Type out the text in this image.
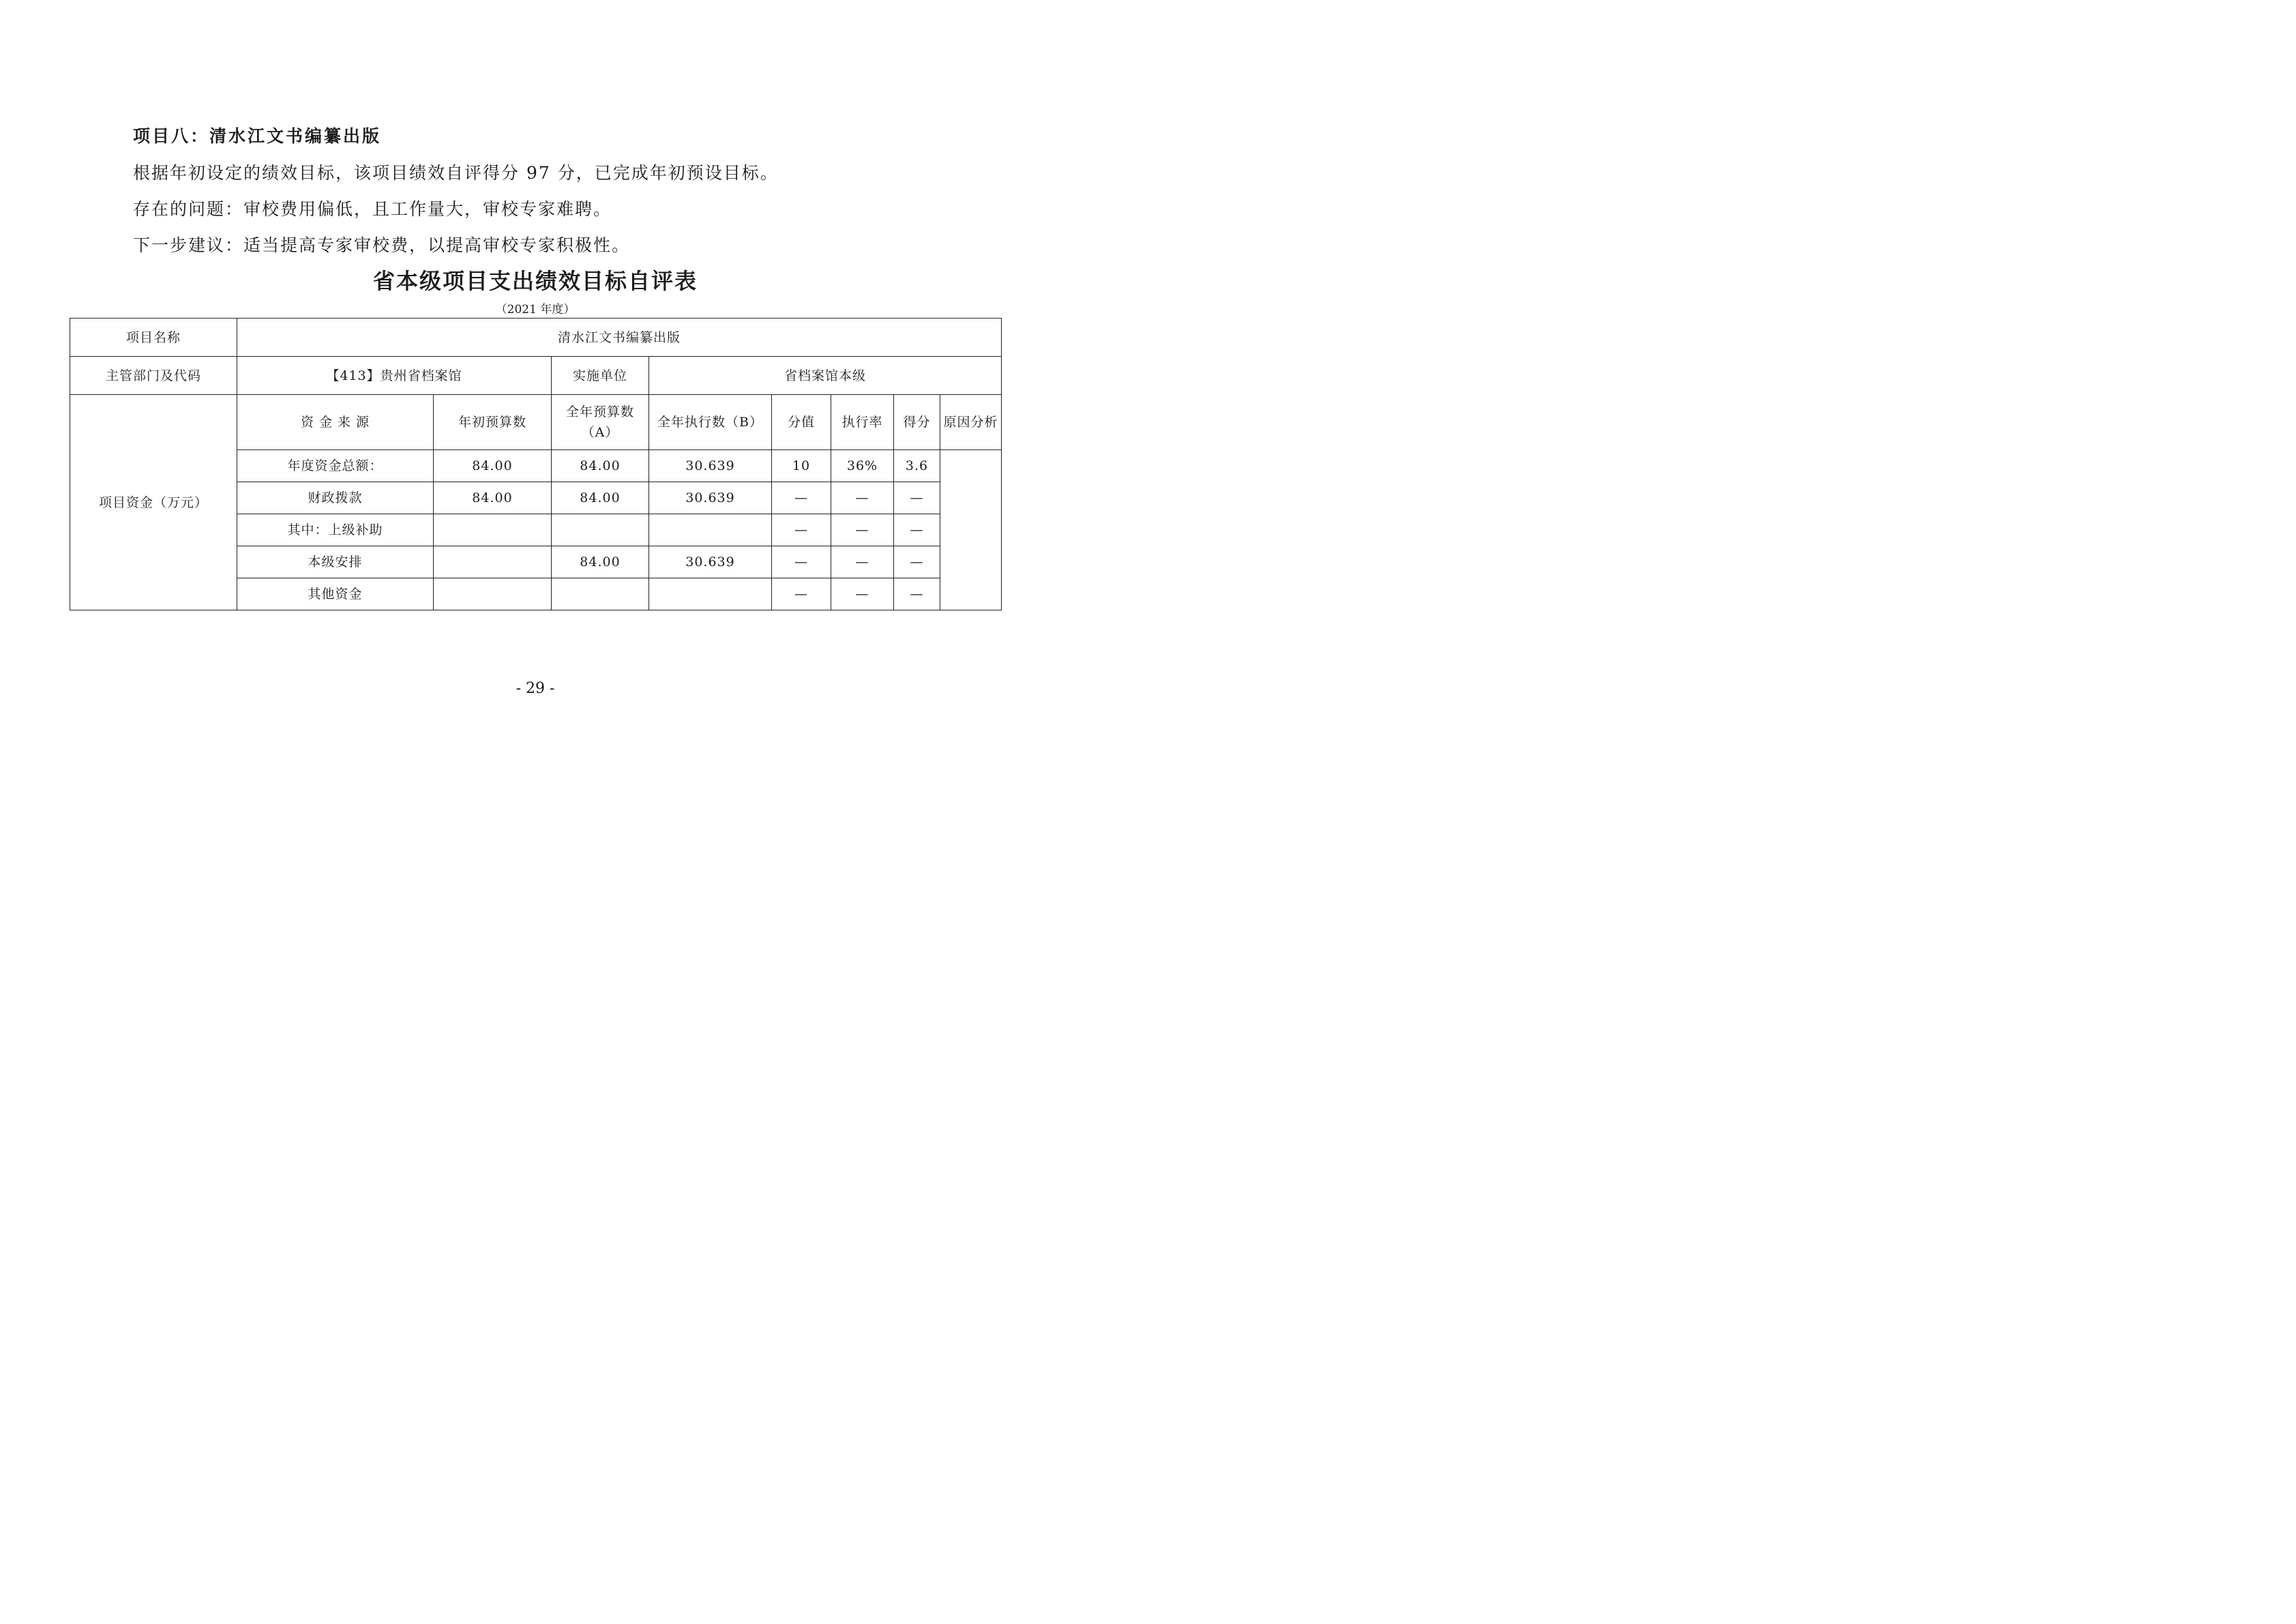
项目八：清水江文书编纂出版

根据年初设定的绩效目标，该项目绩效自评得分 97 分，已完成年初预设目标。

存在的问题：审校费用偏低，且工作量大，审校专家难聘。

下一步建议：适当提高专家审校费，以提高审校专家积极性。

省本级项目支出绩效目标自评表

（2021 年度）

项目名称	清水江文书编纂出版							
主管部门及代码	【413】贵州省档案馆		实施单位	省档案馆本级				
项目资金（万元）	资 金 来 源	年初预算数	全年预算数（A）	全年执行数（B）	分值	执行率	得分	原因分析
	年度资金总额：	84.00	84.00	30.639	10	36%	3.6	
	财政拨款	84.00	84.00	30.639	—	—	—	
	其中：上级补助				—	—	—	
	本级安排		84.00	30.639	—	—	—	
	其他资金				—	—	—	

- 29 -
